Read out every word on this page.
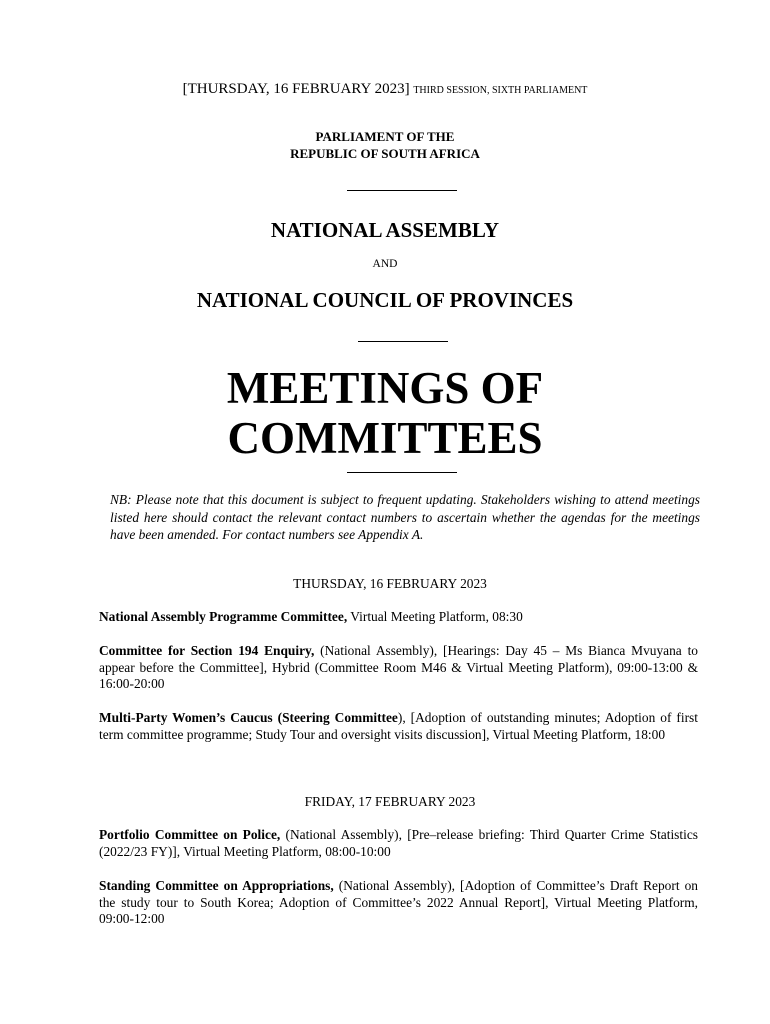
[THURSDAY, 16 FEBRUARY 2023] THIRD SESSION, SIXTH PARLIAMENT
PARLIAMENT OF THE
REPUBLIC OF SOUTH AFRICA
NATIONAL ASSEMBLY
AND
NATIONAL COUNCIL OF PROVINCES
MEETINGS OF
COMMITTEES
NB: Please note that this document is subject to frequent updating. Stakeholders wishing to attend meetings listed here should contact the relevant contact numbers to ascertain whether the agendas for the meetings have been amended. For contact numbers see Appendix A.
THURSDAY, 16 FEBRUARY 2023
National Assembly Programme Committee, Virtual Meeting Platform, 08:30
Committee for Section 194 Enquiry, (National Assembly), [Hearings: Day 45 – Ms Bianca Mvuyana to appear before the Committee], Hybrid (Committee Room M46 & Virtual Meeting Platform), 09:00-13:00 & 16:00-20:00
Multi-Party Women’s Caucus (Steering Committee), [Adoption of outstanding minutes; Adoption of first term committee programme; Study Tour and oversight visits discussion], Virtual Meeting Platform, 18:00
FRIDAY, 17 FEBRUARY 2023
Portfolio Committee on Police, (National Assembly), [Pre–release briefing: Third Quarter Crime Statistics (2022/23 FY)], Virtual Meeting Platform, 08:00-10:00
Standing Committee on Appropriations, (National Assembly), [Adoption of Committee’s Draft Report on the study tour to South Korea; Adoption of Committee’s 2022 Annual Report], Virtual Meeting Platform, 09:00-12:00
